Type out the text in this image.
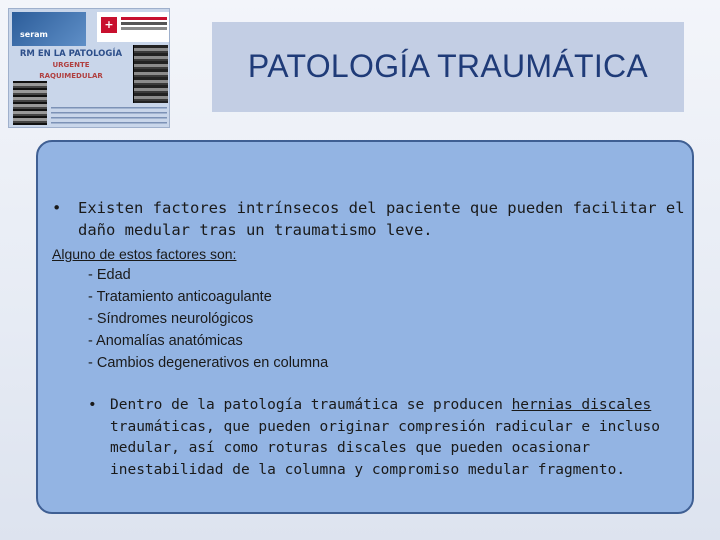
seram
+
RM EN LA PATOLOGÍA
URGENTE
RAQUIMEDULAR	PATOLOGÍA TRAUMÁTICA
• Existen factores intrínsecos del paciente que pueden facilitar el daño medular tras un traumatismo leve.
Alguno de estos factores son:
- Edad
- Tratamiento anticoagulante
- Síndromes neurológicos
- Anomalías anatómicas
- Cambios degenerativos en columna
• Dentro de la patología traumática se producen hernias discales traumáticas, que pueden originar compresión radicular e incluso medular, así como roturas discales que pueden ocasionar inestabilidad de la columna y compromiso medular fragmento.
